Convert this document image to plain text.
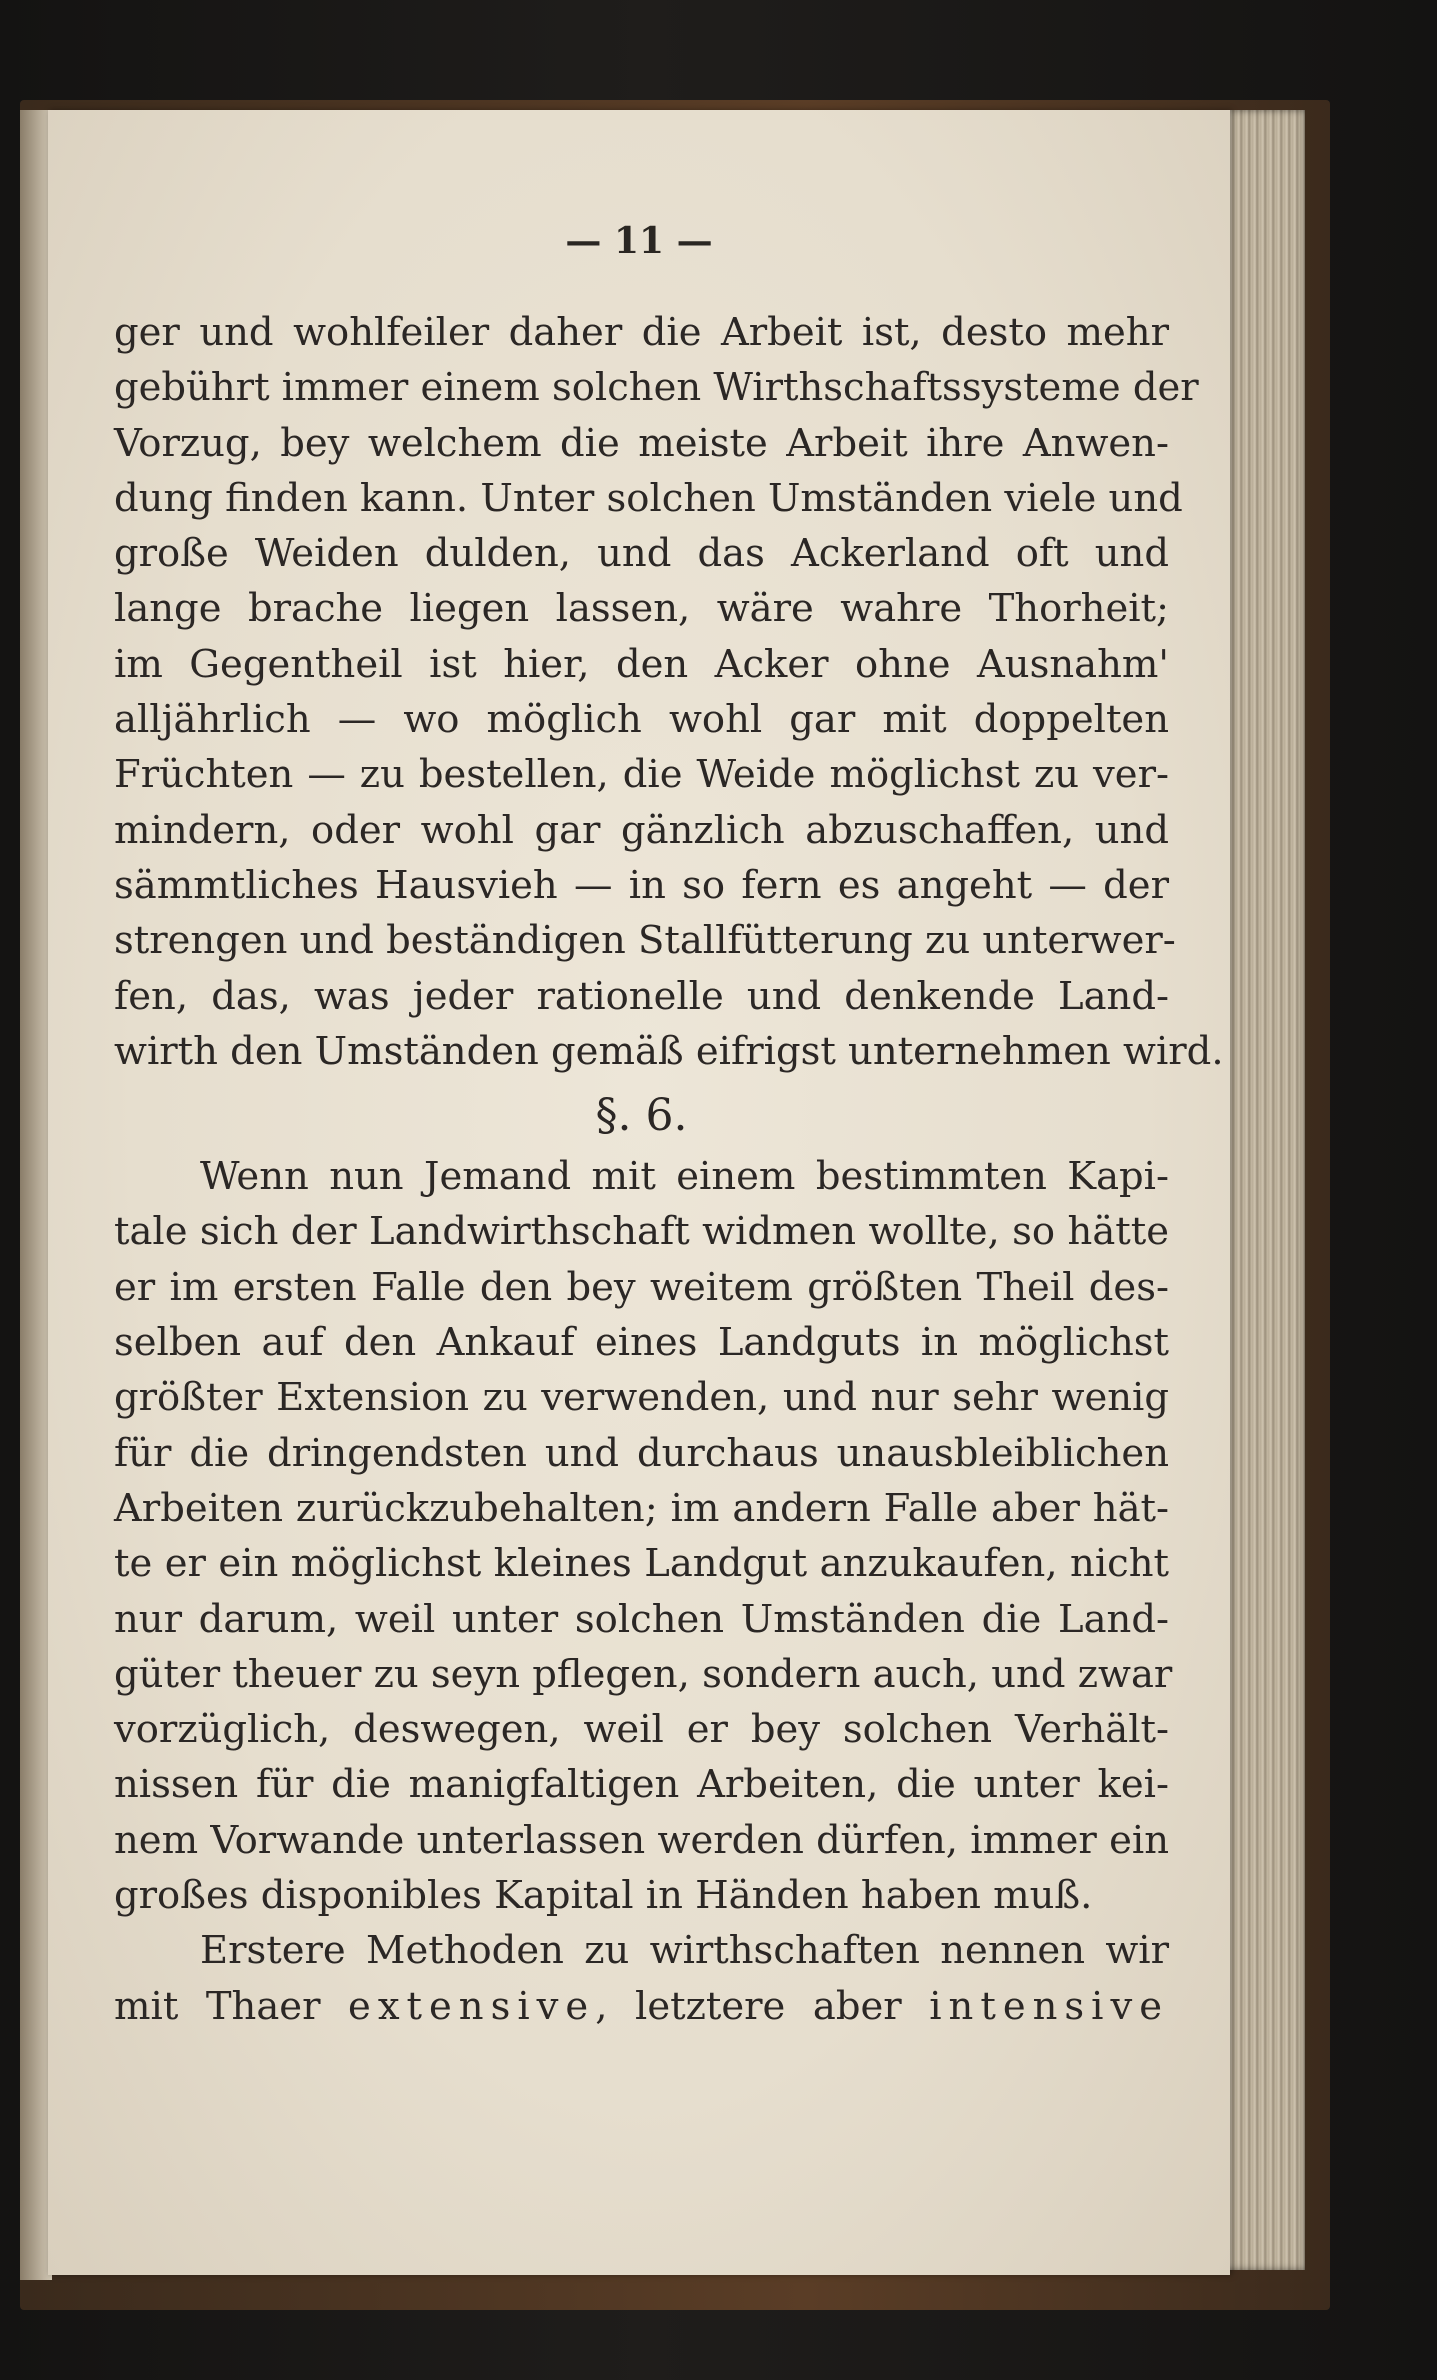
— 11 —
ger und wohlfeiler daher die Arbeit ist, desto mehr
gebührt immer einem solchen Wirthschaftssysteme der
Vorzug, bey welchem die meiste Arbeit ihre Anwen-
dung finden kann. Unter solchen Umständen viele und
große Weiden dulden, und das Ackerland oft und
lange brache liegen lassen, wäre wahre Thorheit;
im Gegentheil ist hier, den Acker ohne Ausnahm'
alljährlich — wo möglich wohl gar mit doppelten
Früchten — zu bestellen, die Weide möglichst zu ver-
mindern, oder wohl gar gänzlich abzuschaffen, und
sämmtliches Hausvieh — in so fern es angeht — der
strengen und beständigen Stallfütterung zu unterwer-
fen, das, was jeder rationelle und denkende Land-
wirth den Umständen gemäß eifrigst unternehmen wird.
§. 6.
Wenn nun Jemand mit einem bestimmten Kapi-
tale sich der Landwirthschaft widmen wollte, so hätte
er im ersten Falle den bey weitem größten Theil des-
selben auf den Ankauf eines Landguts in möglichst
größter Extension zu verwenden, und nur sehr wenig
für die dringendsten und durchaus unausbleiblichen
Arbeiten zurückzubehalten; im andern Falle aber hät-
te er ein möglichst kleines Landgut anzukaufen, nicht
nur darum, weil unter solchen Umständen die Land-
güter theuer zu seyn pflegen, sondern auch, und zwar
vorzüglich, deswegen, weil er bey solchen Verhält-
nissen für die manigfaltigen Arbeiten, die unter kei-
nem Vorwande unterlassen werden dürfen, immer ein
großes disponibles Kapital in Händen haben muß.
Erstere Methoden zu wirthschaften nennen wir
mit Thaer extensive, letztere aber intensive
